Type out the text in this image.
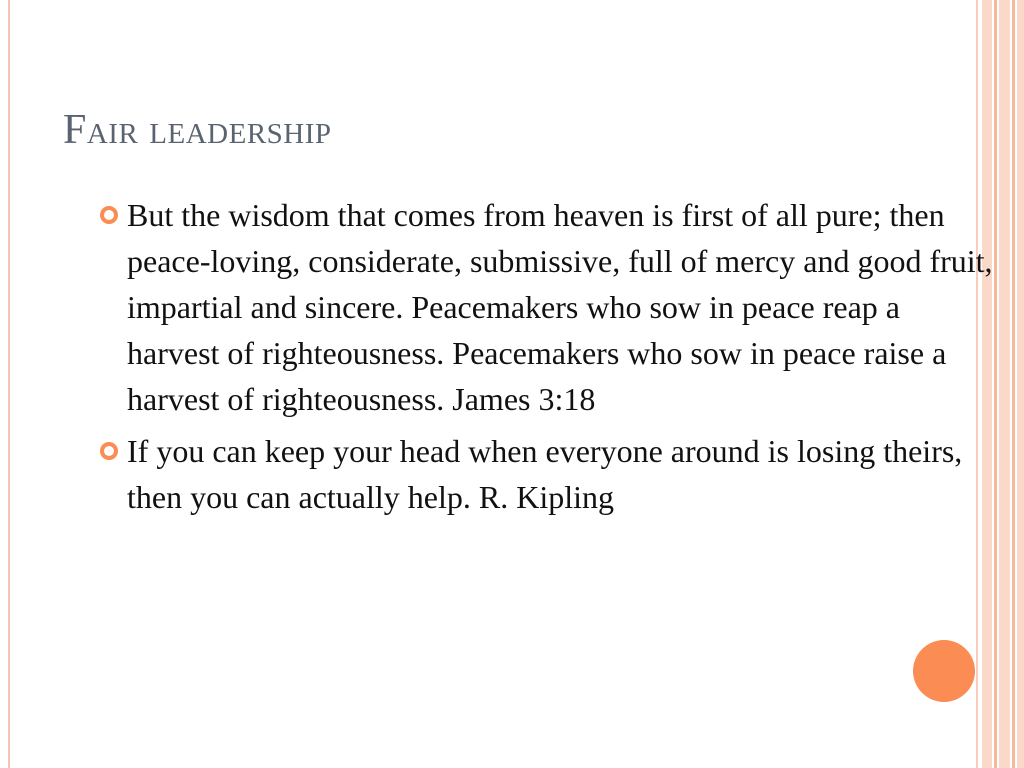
Fair leadership
But the wisdom that comes from heaven is first of all pure; then peace-loving, considerate, submissive, full of mercy and good fruit, impartial and sincere. Peacemakers who sow in peace reap a harvest of righteousness. Peacemakers who sow in peace raise a harvest of righteousness. James 3:18
If you can keep your head when everyone around is losing theirs, then you can actually help. R. Kipling
